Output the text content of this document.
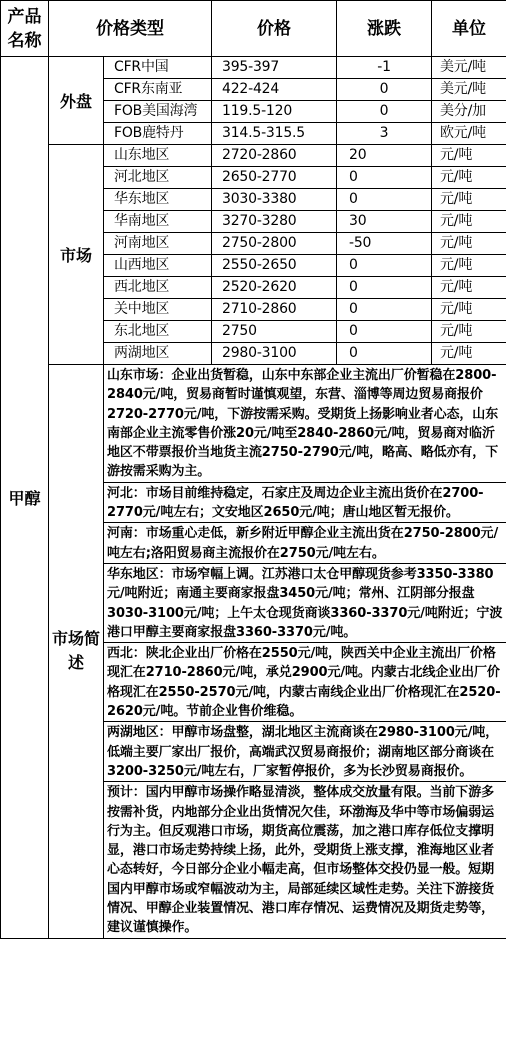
产品名称	价格类型		价格	涨跌	单位
甲醇	外盘	CFR中国	395-397	-1	美元/吨
		CFR东南亚	422-424	0	美元/吨
		FOB美国海湾	119.5-120	0	美分/加
		FOB鹿特丹	314.5-315.5	3	欧元/吨
	市场	山东地区	2720-2860	20	元/吨
		河北地区	2650-2770	0	元/吨
		华东地区	3030-3380	0	元/吨
		华南地区	3270-3280	30	元/吨
		河南地区	2750-2800	-50	元/吨
		山西地区	2550-2650	0	元/吨
		西北地区	2520-2620	0	元/吨
		关中地区	2710-2860	0	元/吨
		东北地区	2750	0	元/吨
		两湖地区	2980-3100	0	元/吨
	市场简述	山东市场：企业出货暂稳，山东中东部企业主流出厂价暂稳在2800-2840元/吨，贸易商暂时谨慎观望，东营、淄博等周边贸易商报价2720-2770元/吨，下游按需采购。受期货上扬影响业者心态，山东南部企业主流零售价涨20元/吨至2840-2860元/吨，贸易商对临沂地区不带票报价当地货主流2750-2790元/吨，略高、略低亦有，下游按需采购为主。			
		河北：市场目前维持稳定，石家庄及周边企业主流出货价在2700-2770元/吨左右；文安地区2650元/吨；唐山地区暂无报价。			
		河南：市场重心走低，新乡附近甲醇企业主流出货在2750-2800元/吨左右;洛阳贸易商主流报价在2750元/吨左右。			
		华东地区：市场窄幅上调。江苏港口太仓甲醇现货参考3350-3380元/吨附近；南通主要商家报盘3450元/吨；常州、江阴部分报盘3030-3100元/吨；上午太仓现货商谈3360-3370元/吨附近；宁波港口甲醇主要商家报盘3360-3370元/吨。			
		西北：陕北企业出厂价格在2550元/吨，陕西关中企业主流出厂价格现汇在2710-2860元/吨，承兑2900元/吨。内蒙古北线企业出厂价格现汇在2550-2570元/吨，内蒙古南线企业出厂价格现汇在2520-2620元/吨。节前企业售价维稳。			
		两湖地区：甲醇市场盘整，湖北地区主流商谈在2980-3100元/吨，低端主要厂家出厂报价，高端武汉贸易商报价；湖南地区部分商谈在3200-3250元/吨左右，厂家暂停报价，多为长沙贸易商报价。			
		预计：国内甲醇市场操作略显清淡，整体成交放量有限。当前下游多按需补货，内地部分企业出货情况欠佳，环渤海及华中等市场偏弱运行为主。但反观港口市场，期货高位震荡，加之港口库存低位支撑明显，港口市场走势持续上扬，此外，受期货上涨支撑，淮海地区业者心态转好，今日部分企业小幅走高，但市场整体交投仍显一般。短期国内甲醇市场或窄幅波动为主，局部延续区域性走势。关注下游接货情况、甲醇企业装置情况、港口库存情况、运费情况及期货走势等，建议谨慎操作。			
